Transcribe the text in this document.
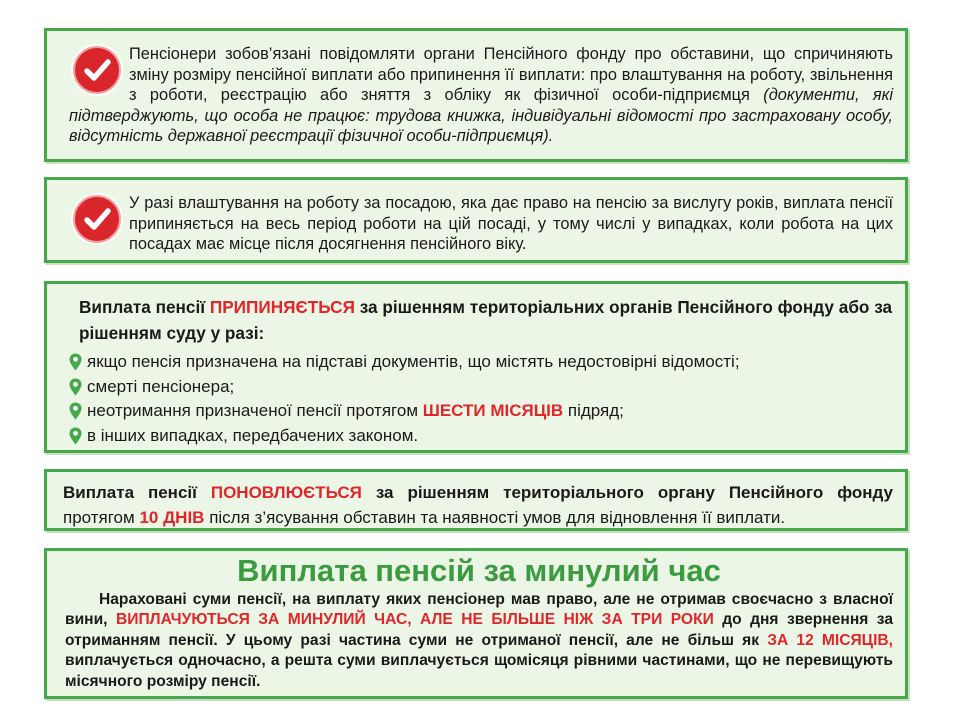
Пенсіонери зобов’язані повідомляти органи Пенсійного фонду про обставини, що спричиняють зміну розміру пенсійної виплати або припинення її виплати: про влаштування на роботу, звільнення з роботи, реєстрацію або зняття з обліку як фізичної особи-підприємця (документи, які підтверджують, що особа не працює: трудова книжка, індивідуальні відомості про застраховану особу, відсутність державної реєстрації фізичної особи-підприємця).

У разі влаштування на роботу за посадою, яка дає право на пенсію за вислугу років, виплата пенсії припиняється на весь період роботи на цій посаді, у тому числі у випадках, коли робота на цих посадах має місце після досягнення пенсійного віку.

Виплата пенсії ПРИПИНЯЄТЬСЯ за рішенням територіальних органів Пенсійного фонду або за рішенням суду у разі:

якщо пенсія призначена на підставі документів, що містять недостовірні відомості;
смерті пенсіонера;
неотримання призначеної пенсії протягом ШЕСТИ МІСЯЦІВ підряд;
в інших випадках, передбачених законом.

Виплата пенсії ПОНОВЛЮЄТЬСЯ за рішенням територіального органу Пенсійного фонду протягом 10 ДНІВ після з’ясування обставин та наявності умов для відновлення її виплати.

Виплата пенсій за минулий час

Нараховані суми пенсії, на виплату яких пенсіонер мав право, але не отримав своєчасно з власної вини, ВИПЛАЧУЮТЬСЯ ЗА МИНУЛИЙ ЧАС, АЛЕ НЕ БІЛЬШЕ НІЖ ЗА ТРИ РОКИ до дня звернення за отриманням пенсії. У цьому разі частина суми не отриманої пенсії, але не більш як ЗА 12 МІСЯЦІВ, виплачується одночасно, а решта суми виплачується щомісяця рівними частинами, що не перевищують місячного розміру пенсії.
